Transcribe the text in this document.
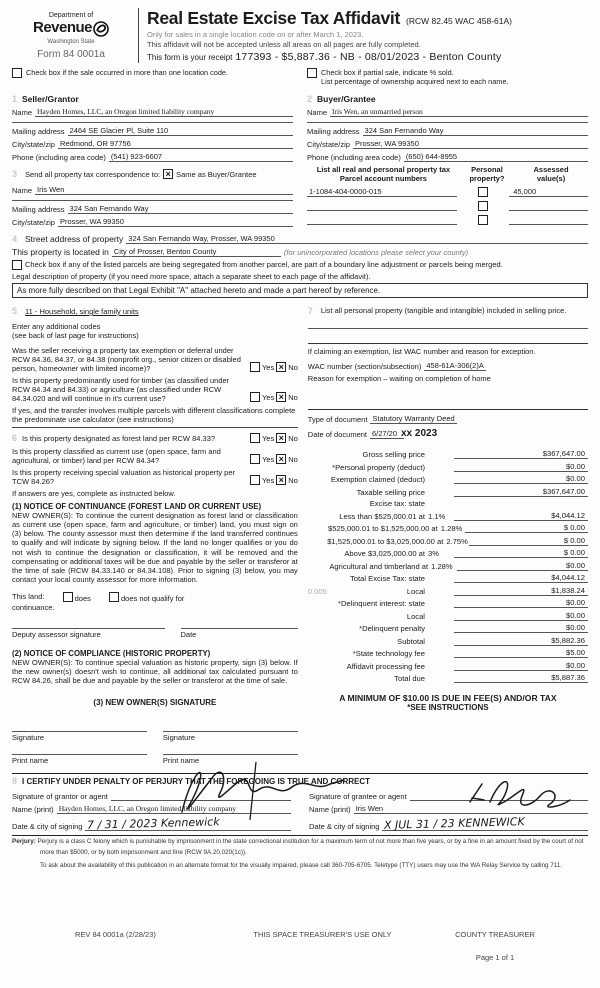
Department of
Revenue
Washington State
Form 84 0001a
Real Estate Excise Tax Affidavit (RCW 82.45 WAC 458-61A)
Only for sales in a single location code on or after March 1, 2023.
This affidavit will not be accepted unless all areas on all pages are fully completed.
This form is your receipt 177393 - $5,887.36 - NB - 08/01/2023 - Benton County
Check box if the sale occurred in more than one location code.	Check box if partial sale, indicate % sold.
List percentage of ownership acquired next to each name.
1 Seller/Grantor
Name Hayden Homes, LLC, an Oregon limited liability company
Mailing address 2464 SE Glacier Pl, Suite 110
City/state/zip Redmond, OR 97756
Phone (including area code) (541) 923-6607
3 Send all property tax correspondence to: × Same as Buyer/Grantee
Name Iris Wen
Mailing address 324 San Fernando Way
City/state/zip Prosser, WA 99350
2 Buyer/Grantee
Name Iris Wen, an unmarried person
Mailing address 324 San Fernando Way
City/state/zip Prosser, WA 99350
Phone (including area code) (650) 644-8955
List all real and personal property tax
Parcel account numbers
Personal
property?
Assessed
value(s)
1-1084-404-0000-015	45,000
4 Street address of property 324 San Fernando Way, Prosser, WA 99350
This property is located in City of Prosser, Benton County	(for unincorporated locations please select your county)
Check box if any of the listed parcels are being segregated from another parcel, are part of a boundary line adjustment or parcels being merged.
Legal description of property (if you need more space, attach a separate sheet to each page of the affidavit).
As more fully described on that Legal Exhibit "A" attached hereto and made a part hereof by reference.
5 11 - Household, single family units
Enter any additional codes
(see back of last page for instructions)
Was the seller receiving a property tax exemption or deferral under RCW 84.36, 84.37, or 84.38 (nonprofit org., senior citizen or disabled person, homeowner with limited income)?	Yes × No
Is this property predominantly used for timber (as classified under RCW 84.34 and 84.33) or agriculture (as classified under RCW 84.34.020 and will continue in it's current use?	Yes × No
If yes, and the transfer involves multiple parcels with different classifications complete the predominate use calculator (see instructions)
6 Is this property designated as forest land per RCW 84.33?	Yes × No
Is this property classified as current use (open space, farm and agricultural, or timber) land per RCW 84.34?	Yes × No
Is this property receiving special valuation as historical property per TCW 84.26?	Yes × No
If answers are yes, complete as instructed below.
(1) NOTICE OF CONTINUANCE (FOREST LAND OR CURRENT USE)
NEW OWNER(S): To continue the current designation as forest land or classification as current use (open space, farm and agriculture, or timber) land, you must sign on (3) below. The county assessor must then determine if the land transferred continues to qualify and will indicate by signing below. If the land no longer qualifies or you do not wish to continue the designation or classification, it will be removed and the compensating or additional taxes will be due and payable by the seller or transferor at the time of sale (RCW 84.33.140 or 84.34.108). Prior to signing (3) below, you may contact your local county assessor for more information.
This land:	does	does not qualify for
continuance.
Deputy assessor signature	Date
(2) NOTICE OF COMPLIANCE (HISTORIC PROPERTY)
NEW OWNER(S): To continue special valuation as historic property, sign (3) below. If the new owner(s) doesn't wish to continue, all additional tax calculated pursuant to RCW 84.26, shall be due and payable by the seller or transferor at the time of sale.
(3) NEW OWNER(S) SIGNATURE
Signature	Signature
Print name	Print name
7 List all personal property (tangible and intangible) included in selling price.
If claiming an exemption, list WAC number and reason for exception.
WAC number (section/subsection) 458-61A-306(2)A
Reason for exemption – waiting on completion of home
Type of document Statutory Warranty Deed
Date of document 6/27/20 xx 2023
Gross selling price	$367,647.00
*Personal property (deduct)	$0.00
Exemption claimed (deduct)	$0.00
Taxable selling price	$367,647.00
Excise tax: state
Less than $525,000.01 at 1.1%	$4,044.12
$525,000.01 to $1,525,000.00 at 1.28%	$ 0.00
$1,525,000.01 to $3,025,000.00 at 2.75%	$ 0.00
Above $3,025,000.00 at 3%	$ 0.00
Agricultural and timberland at 1.28%	$0.00
Total Excise Tax: state	$4,044.12
0.005	Local	$1,838.24
*Delinquent interest: state	$0.00
Local	$0.00
*Delinquent penalty	$0.00
Subtotal	$5,882.36
*State technology fee	$5.00
Affidavit processing fee	$0.00
Total due	$5,887.36
A MINIMUM OF $10.00 IS DUE IN FEE(S) AND/OR TAX
*SEE INSTRUCTIONS
8 I CERTIFY UNDER PENALTY OF PERJURY THAT THE FOREGOING IS TRUE AND CORRECT
Signature of grantor or agent
Name (print) Hayden Homes, LLC, an Oregon limited liability company
Date & city of signing 7 / 31 / 2023 Kennewick
Signature of grantee or agent
Name (print) Iris Wen
Date & city of signing X JUL 31 / 23 KENNEWICK
Perjury: Perjury is a class C felony which is punishable by imprisonment in the state correctional institution for a maximum term of not more than five years, or by a fine in an amount fixed by the court of not
more than $5000, or by both imprisonment and fine (RCW 9A.20.020(1c)).
To ask about the availability of this publication in an alternate format for the visually impaired, please call 360-705-6705. Teletype (TTY) users may use the WA Relay Service by calling 711.
REV 84 0001a (2/28/23)	THIS SPACE TREASURER'S USE ONLY	COUNTY TREASURER
Page 1 of 1
